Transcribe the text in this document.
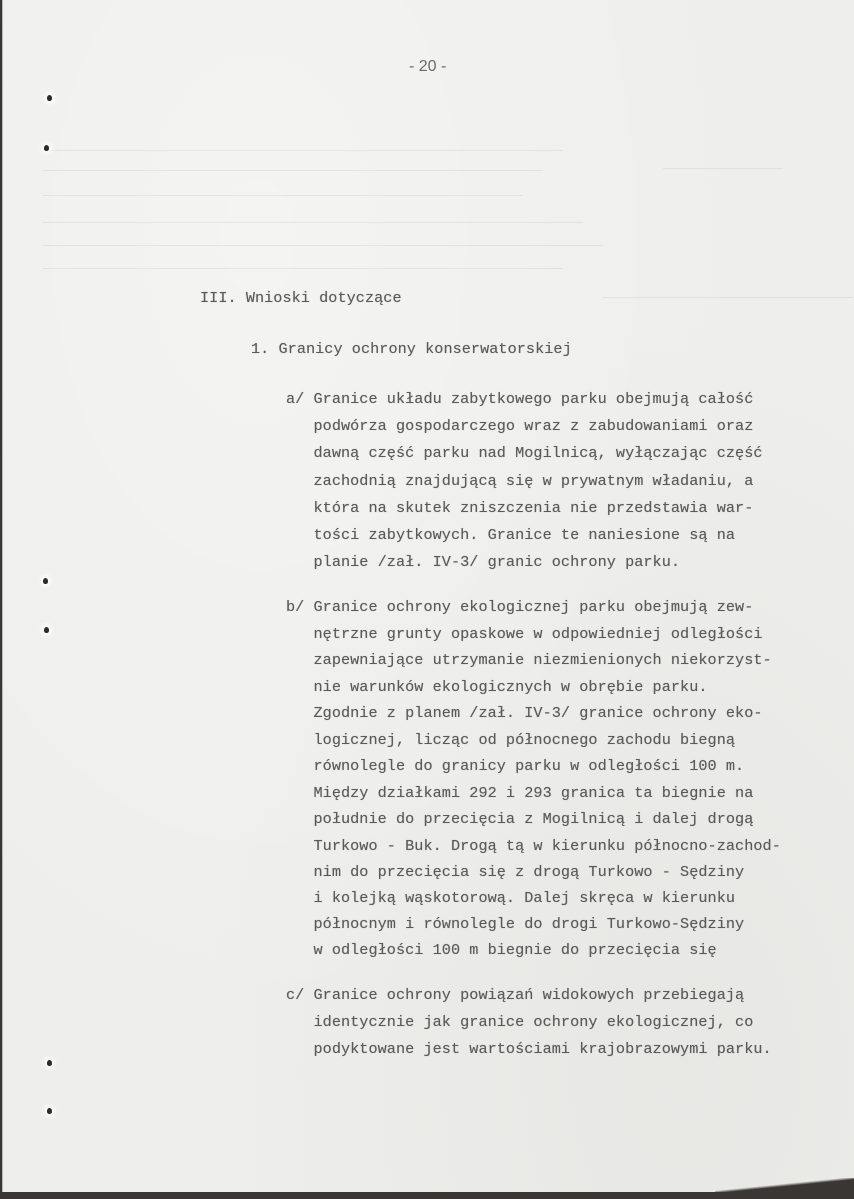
- 20 -
III. Wnioski dotyczące
1. Granicy ochrony konserwatorskiej
a/ Granice układu zabytkowego parku obejmują całość
podwórza gospodarczego wraz z zabudowaniami oraz
dawną część parku nad Mogilnicą, wyłączając część
zachodnią znajdującą się w prywatnym władaniu, a
która na skutek zniszczenia nie przedstawia war-
tości zabytkowych. Granice te naniesione są na
planie /zał. IV-3/ granic ochrony parku.
b/ Granice ochrony ekologicznej parku obejmują zew-
nętrzne grunty opaskowe w odpowiedniej odległości
zapewniające utrzymanie niezmienionych niekorzyst-
nie warunków ekologicznych w obrębie parku.
Zgodnie z planem /zał. IV-3/ granice ochrony eko-
logicznej, licząc od północnego zachodu biegną
równolegle do granicy parku w odległości 100 m.
Między działkami 292 i 293 granica ta biegnie na
południe do przecięcia z Mogilnicą i dalej drogą
Turkowo - Buk. Drogą tą w kierunku północno-zachod-
nim do przecięcia się z drogą Turkowo - Sędziny
i kolejką wąskotorową. Dalej skręca w kierunku
północnym i równolegle do drogi Turkowo-Sędziny
w odległości 100 m biegnie do przecięcia się
c/ Granice ochrony powiązań widokowych przebiegają
identycznie jak granice ochrony ekologicznej, co
podyktowane jest wartościami krajobrazowymi parku.
